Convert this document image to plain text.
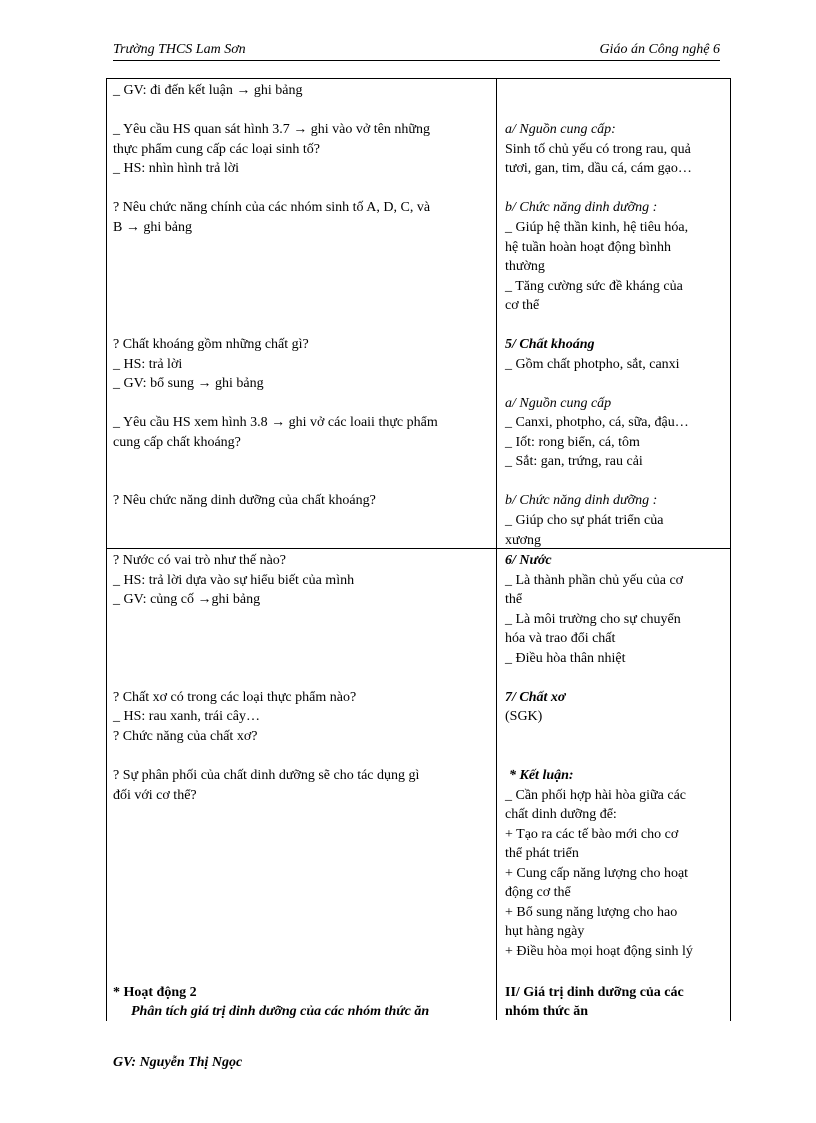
Trường THCS Lam Sơn	Giáo án Công nghệ 6
_ GV: đi đến kết luận → ghi bảng
_ Yêu cầu HS quan sát hình 3.7 → ghi vào vở tên những
thực phẩm cung cấp các loại sinh tố?
_ HS: nhìn hình trả lời
? Nêu chức năng chính của các nhóm sinh tố A, D, C, và
B → ghi bảng
? Chất khoáng gồm những chất gì?
_ HS: trả lời
_ GV: bổ sung → ghi bảng
_ Yêu cầu HS xem hình 3.8 → ghi vở các loaii thực phẩm
cung cấp chất khoáng?
? Nêu chức năng dinh dưỡng của chất khoáng?
? Nước có vai trò như thế nào?
_ HS: trả lời dựa vào sự hiểu biết của mình
_ GV: củng cố →ghi bảng
? Chất xơ có trong các loại thực phẩm nào?
_ HS: rau xanh, trái cây…
? Chức năng của chất xơ?
? Sự phân phối của chất dinh dưỡng sẽ cho tác dụng gì
đối với cơ thể?
* Hoạt động 2
Phân tích giá trị dinh dưỡng của các nhóm thức ăn
a/ Nguồn cung cấp:
Sinh tố chủ yếu có trong rau, quả
tươi, gan, tim, dầu cá, cám gạo…
b/ Chức năng dinh dưỡng :
_ Giúp hệ thần kinh, hệ tiêu hóa,
hệ tuần hoàn hoạt động bìnhh
thường
_ Tăng cường sức đề kháng của
cơ thể
5/ Chất khoáng
_ Gồm chất photpho, sắt, canxi
a/ Nguồn cung cấp
_ Canxi, photpho, cá, sữa, đậu…
_ Iốt: rong biển, cá, tôm
_ Sắt: gan, trứng, rau cải
b/ Chức năng dinh dưỡng :
_ Giúp cho sự phát triển của
xương
6/ Nước
_ Là thành phần chủ yếu của cơ
thể
_ Là môi trường cho sự chuyển
hóa và trao đổi chất
_ Điều hòa thân nhiệt
7/ Chất xơ
(SGK)
* Kết luận:
_ Cần phối hợp hài hòa giữa các
chất dinh dưỡng để:
+ Tạo ra các tế bào mới cho cơ
thể phát triển
+ Cung cấp năng lượng cho hoạt
động cơ thể
+ Bổ sung năng lượng cho hao
hụt hàng ngày
+ Điều hòa mọi hoạt động sinh lý
II/ Giá trị dinh dưỡng của các
nhóm thức ăn
GV: Nguyễn Thị Ngọc
